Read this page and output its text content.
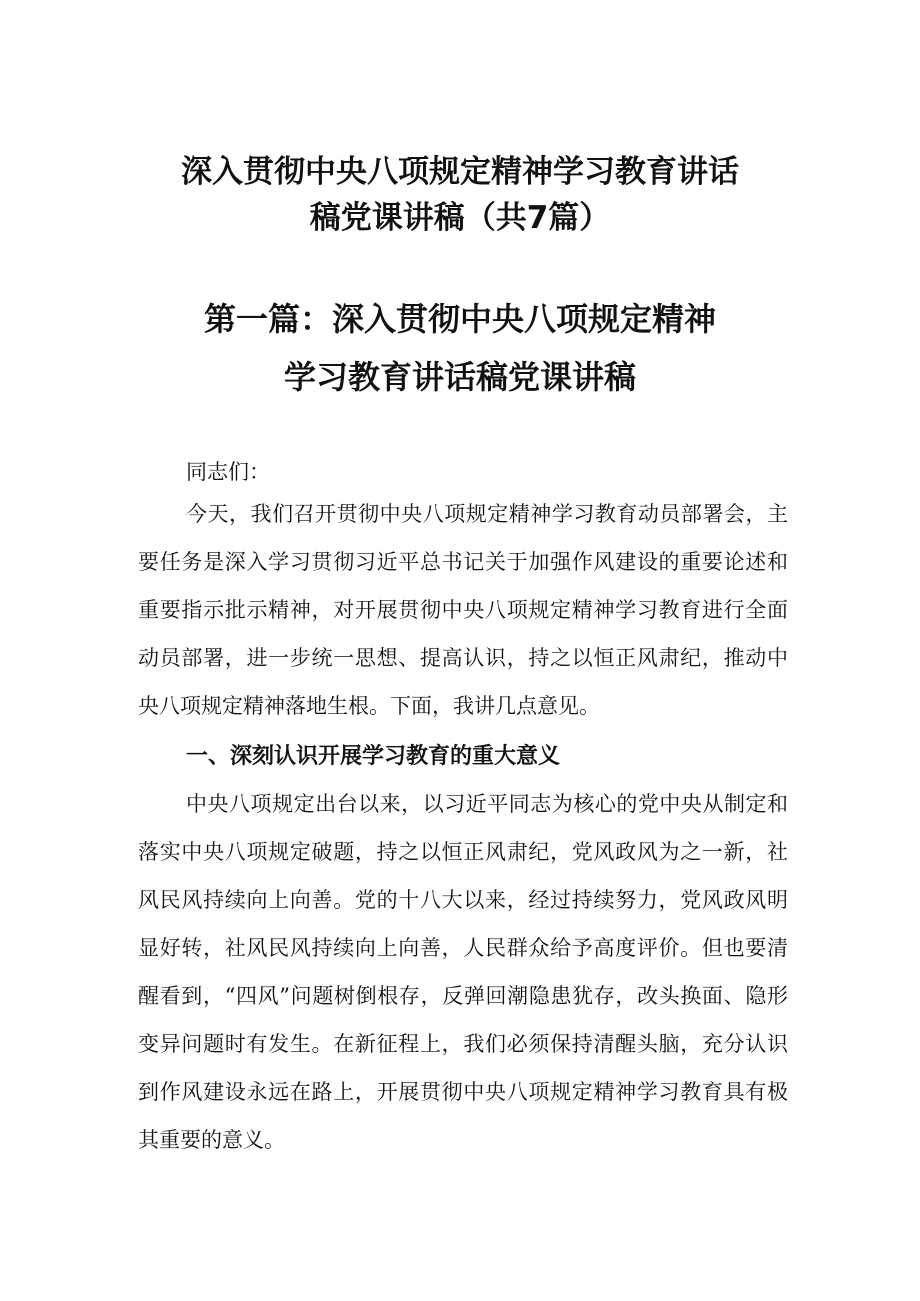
深入贯彻中央八项规定精神学习教育讲话
稿党课讲稿（共7篇）
第一篇：深入贯彻中央八项规定精神
学习教育讲话稿党课讲稿

同志们：

今天，我们召开贯彻中央八项规定精神学习教育动员部署会，主要任务是深入学习贯彻习近平总书记关于加强作风建设的重要论述和重要指示批示精神，对开展贯彻中央八项规定精神学习教育进行全面动员部署，进一步统一思想、提高认识，持之以恒正风肃纪，推动中央八项规定精神落地生根。下面，我讲几点意见。

一、深刻认识开展学习教育的重大意义

中央八项规定出台以来，以习近平同志为核心的党中央从制定和落实中央八项规定破题，持之以恒正风肃纪，党风政风为之一新，社风民风持续向上向善。党的十八大以来，经过持续努力，党风政风明显好转，社风民风持续向上向善，人民群众给予高度评价。但也要清醒看到，“四风”问题树倒根存，反弹回潮隐患犹存，改头换面、隐形变异问题时有发生。在新征程上，我们必须保持清醒头脑，充分认识到作风建设永远在路上，开展贯彻中央八项规定精神学习教育具有极其重要的意义。
